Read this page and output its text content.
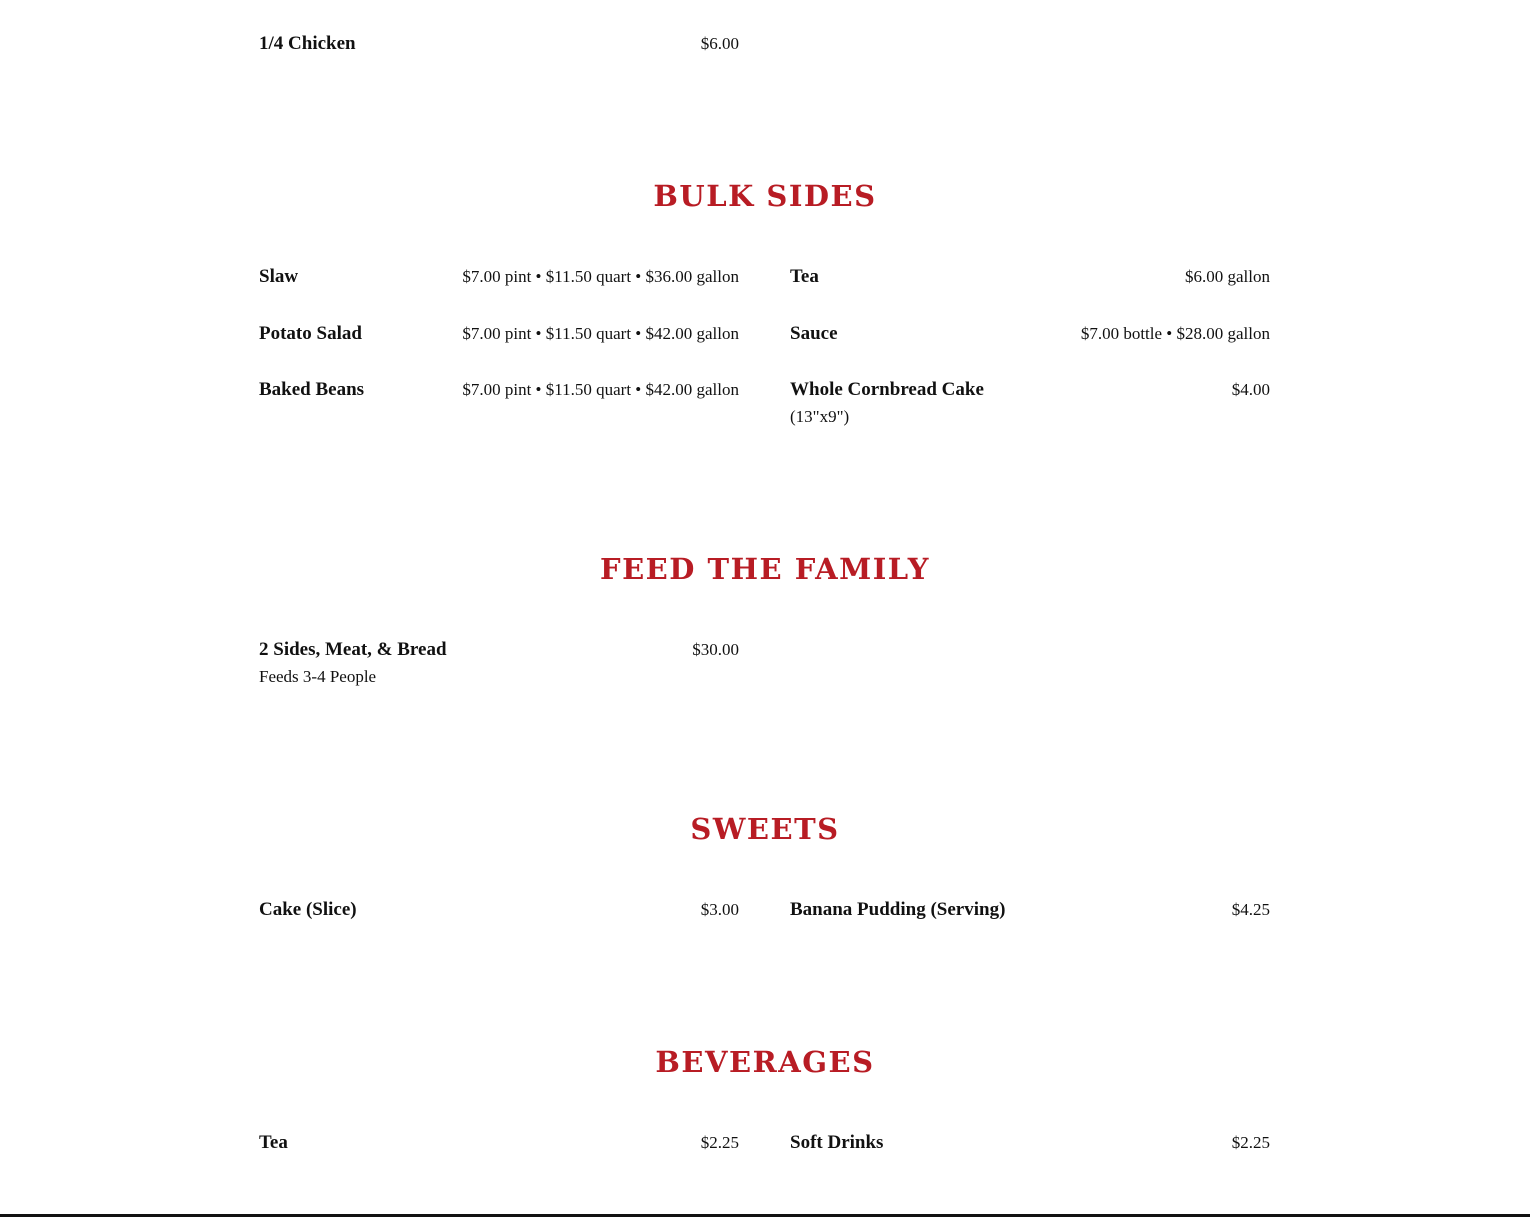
1/4 Chicken	$6.00
BULK SIDES
Slaw	$7.00 pint • $11.50 quart • $36.00 gallon
Potato Salad	$7.00 pint • $11.50 quart • $42.00 gallon
Baked Beans	$7.00 pint • $11.50 quart • $42.00 gallon
Tea	$6.00 gallon
Sauce	$7.00 bottle • $28.00 gallon
Whole Cornbread Cake	$4.00
(13"x9")
FEED THE FAMILY
2 Sides, Meat, & Bread	$30.00
Feeds 3-4 People
SWEETS
Cake (Slice)	$3.00	Banana Pudding (Serving)	$4.25
BEVERAGES
Tea	$2.25	Soft Drinks	$2.25
